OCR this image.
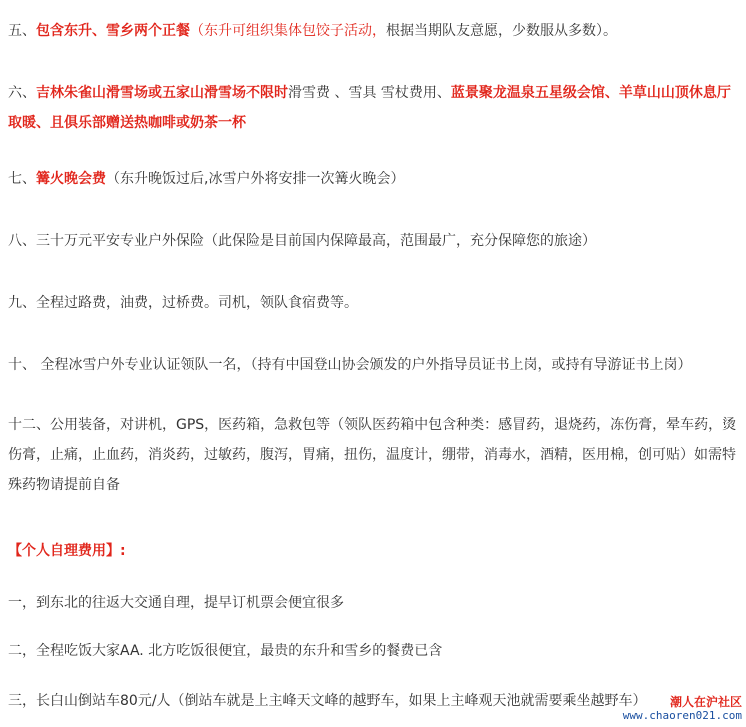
五、包含东升、雪乡两个正餐（东升可组织集体包饺子活动，根据当期队友意愿，少数服从多数）。
六、吉林朱雀山滑雪场或五家山滑雪场不限时滑雪费 、雪具 雪杖费用、蓝景聚龙温泉五星级会馆、羊草山山顶休息厅取暖、且俱乐部赠送热咖啡或奶茶一杯
七、篝火晚会费（东升晚饭过后,冰雪户外将安排一次篝火晚会）
八、三十万元平安专业户外保险（此保险是目前国内保障最高，范围最广，充分保障您的旅途）
九、全程过路费，油费，过桥费。司机，领队食宿费等。
十、 全程冰雪户外专业认证领队一名，（持有中国登山协会颁发的户外指导员证书上岗，或持有导游证书上岗）
十二、公用装备，对讲机，GPS，医药箱，急救包等（领队医药箱中包含种类：感冒药，退烧药，冻伤膏，晕车药，烫伤膏，止痛，止血药，消炎药，过敏药，腹泻，胃痛，扭伤，温度计，绷带，消毒水，酒精，医用棉，创可贴）如需特殊药物请提前自备
【个人自理费用】:
一，到东北的往返大交通自理，提早订机票会便宜很多
二，全程吃饭大家AA. 北方吃饭很便宜，最贵的东升和雪乡的餐费已含
三，长白山倒站车80元/人（倒站车就是上主峰天文峰的越野车，如果上主峰观天池就需要乘坐越野车）	潮人在沪社区
www.chaoren021.com
